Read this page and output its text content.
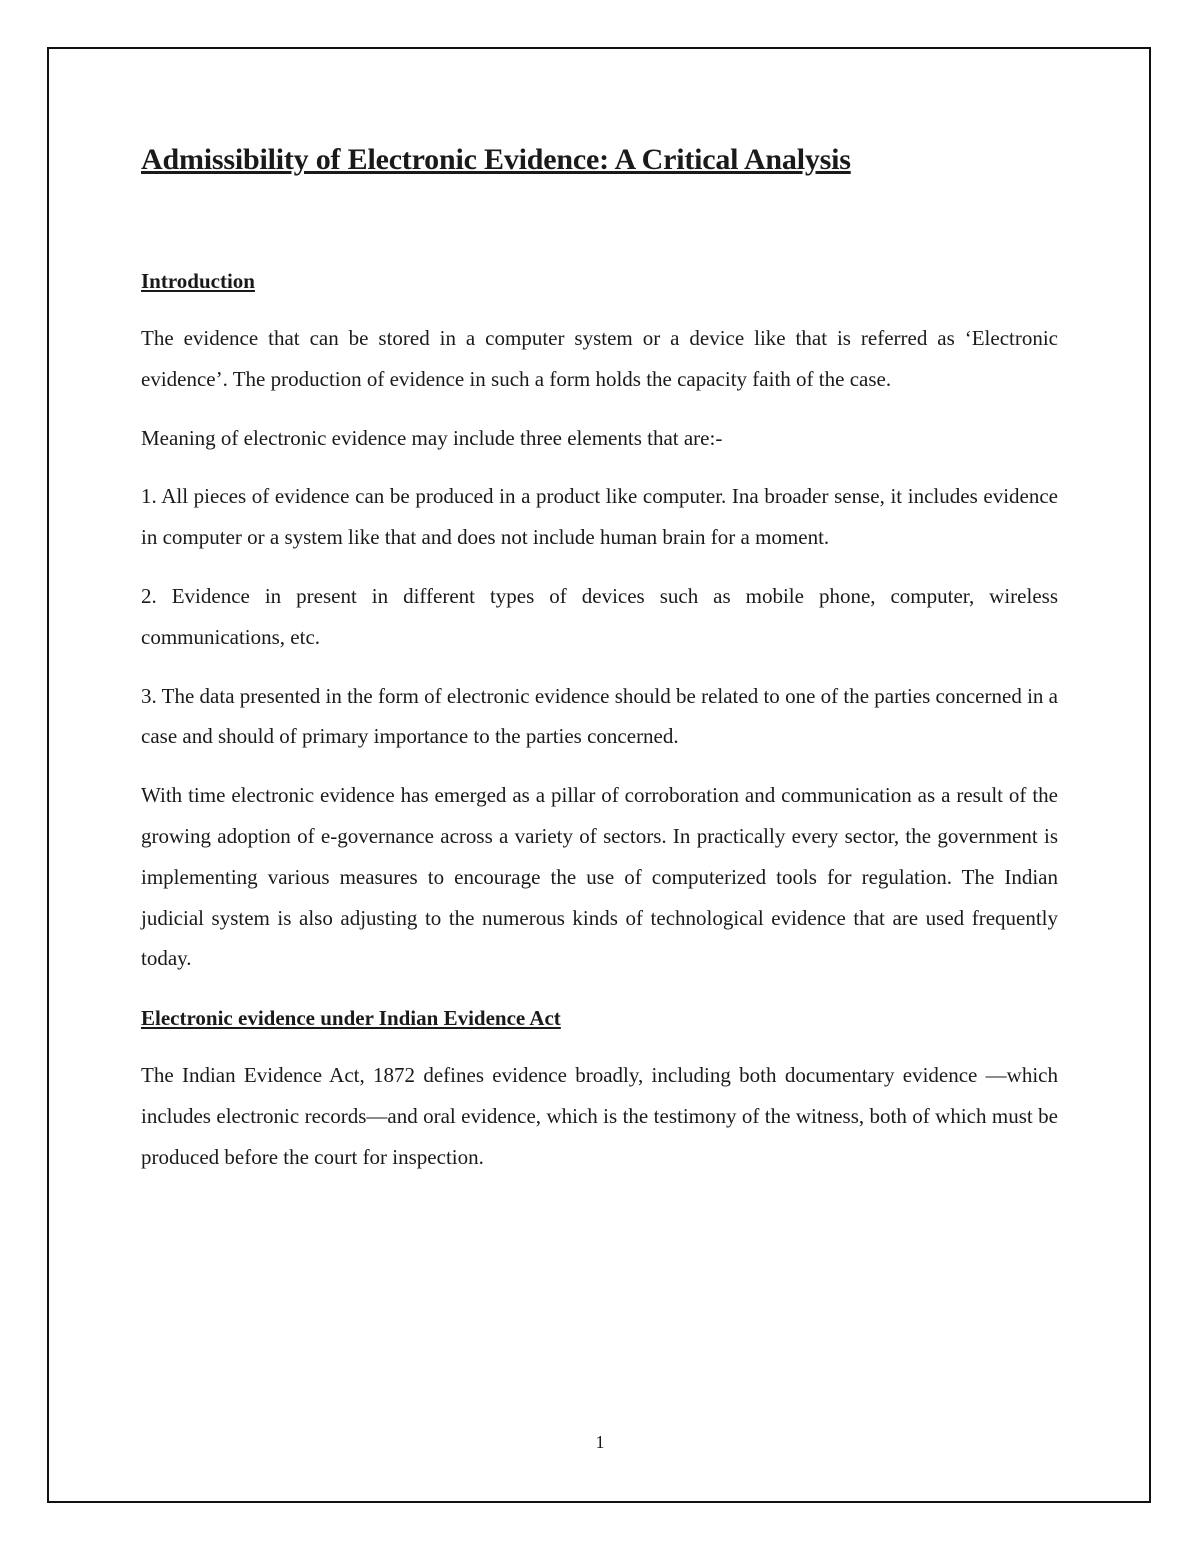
Admissibility of Electronic Evidence: A Critical Analysis
Introduction

The evidence that can be stored in a computer system or a device like that is referred as ‘Electronic evidence’. The production of evidence in such a form holds the capacity faith of the case.

Meaning of electronic evidence may include three elements that are:-

1. All pieces of evidence can be produced in a product like computer. Ina broader sense, it includes evidence in computer or a system like that and does not include human brain for a moment.

2. Evidence in present in different types of devices such as mobile phone, computer, wireless communications, etc.

3. The data presented in the form of electronic evidence should be related to one of the parties concerned in a case and should of primary importance to the parties concerned.

With time electronic evidence has emerged as a pillar of corroboration and communication as a result of the growing adoption of e-governance across a variety of sectors. In practically every sector, the government is implementing various measures to encourage the use of computerized tools for regulation. The Indian judicial system is also adjusting to the numerous kinds of technological evidence that are used frequently today.

Electronic evidence under Indian Evidence Act

The Indian Evidence Act, 1872 defines evidence broadly, including both documentary evidence —which includes electronic records—and oral evidence, which is the testimony of the witness, both of which must be produced before the court for inspection.

1
